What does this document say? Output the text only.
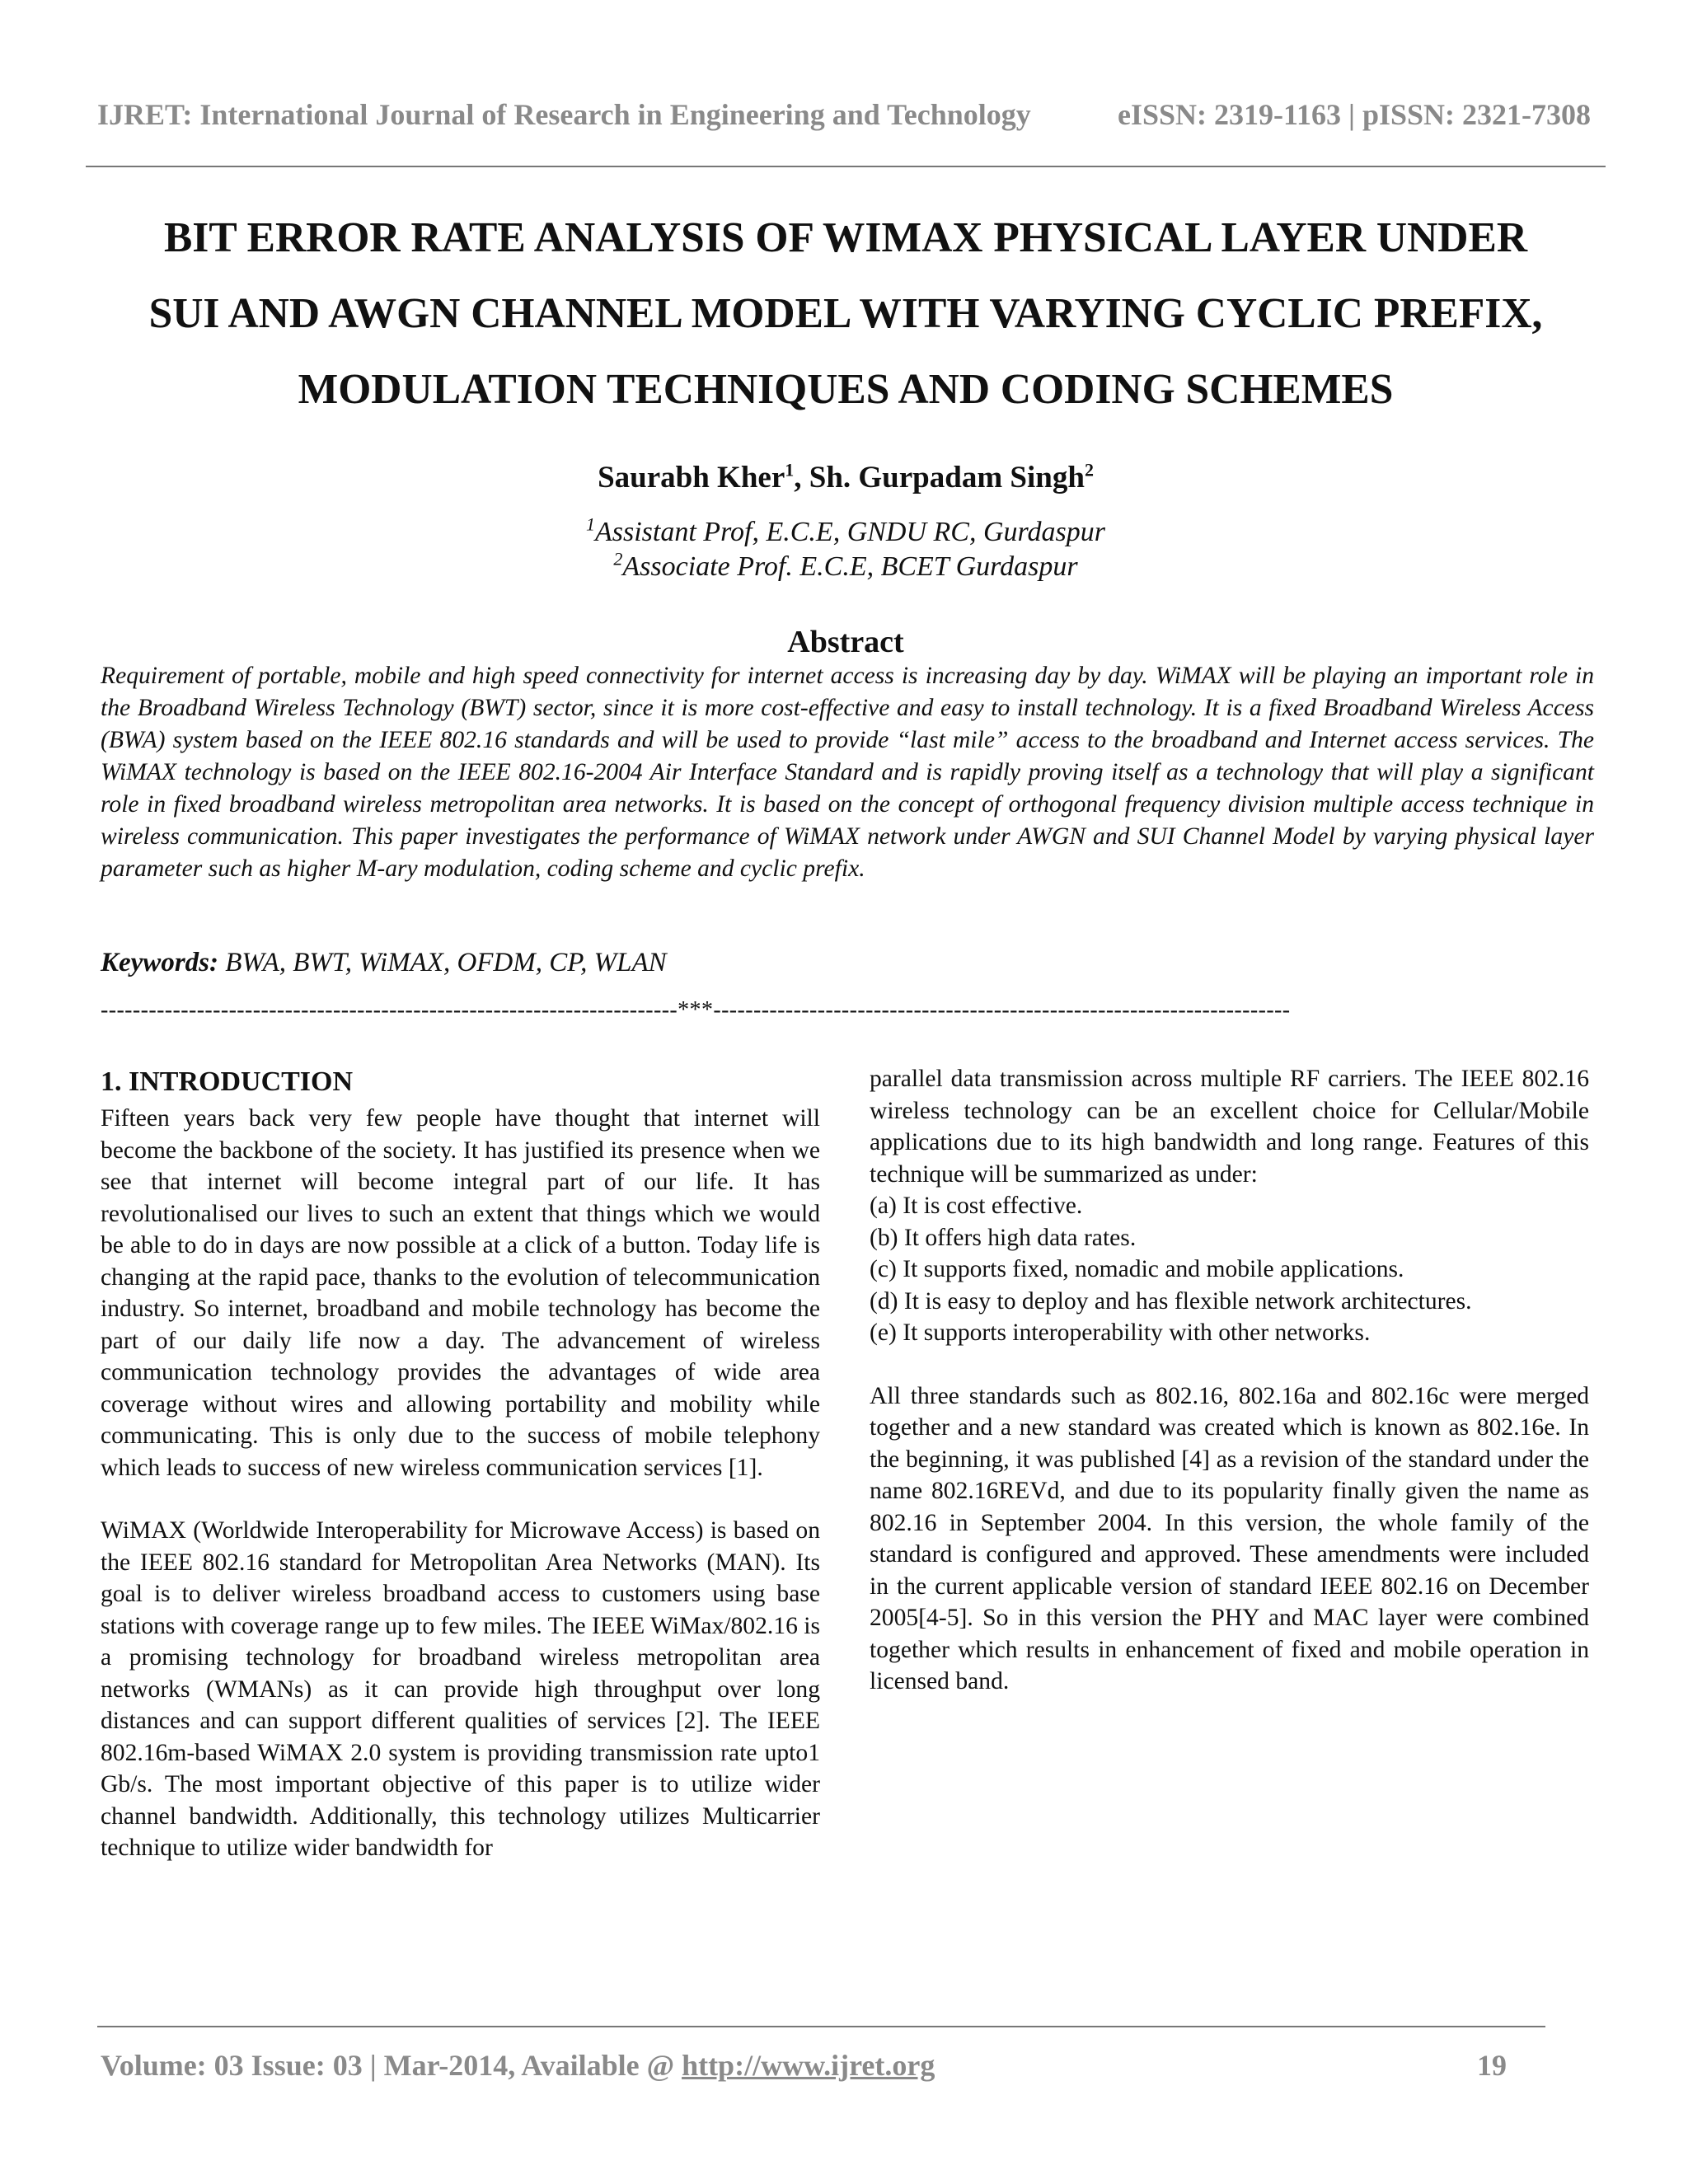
IJRET: International Journal of Research in Engineering and Technology	eISSN: 2319-1163 | pISSN: 2321-7308
BIT ERROR RATE ANALYSIS OF WIMAX PHYSICAL LAYER UNDER
SUI AND AWGN CHANNEL MODEL WITH VARYING CYCLIC PREFIX,
MODULATION TECHNIQUES AND CODING SCHEMES
Saurabh Kher$^1$, Sh. Gurpadam Singh$^2$
$^1$Assistant Prof, E.C.E, GNDU RC, Gurdaspur
$^2$Associate Prof. E.C.E, BCET Gurdaspur
Abstract
Requirement of portable, mobile and high speed connectivity for internet access is increasing day by day. WiMAX will be playing an important role in the Broadband Wireless Technology (BWT) sector, since it is more cost-effective and easy to install technology. It is a fixed Broadband Wireless Access (BWA) system based on the IEEE 802.16 standards and will be used to provide “last mile” access to the broadband and Internet access services. The WiMAX technology is based on the IEEE 802.16-2004 Air Interface Standard and is rapidly proving itself as a technology that will play a significant role in fixed broadband wireless metropolitan area networks. It is based on the concept of orthogonal frequency division multiple access technique in wireless communication. This paper investigates the performance of WiMAX network under AWGN and SUI Channel Model by varying physical layer parameter such as higher M-ary modulation, coding scheme and cyclic prefix.
Keywords: BWA, BWT, WiMAX, OFDM, CP, WLAN
------------------------------------------------------------------------***------------------------------------------------------------------------
1. INTRODUCTION

Fifteen years back very few people have thought that internet will become the backbone of the society. It has justified its presence when we see that internet will become integral part of our life. It has revolutionalised our lives to such an extent that things which we would be able to do in days are now possible at a click of a button. Today life is changing at the rapid pace, thanks to the evolution of telecommunication industry. So internet, broadband and mobile technology has become the part of our daily life now a day. The advancement of wireless communication technology provides the advantages of wide area coverage without wires and allowing portability and mobility while communicating. This is only due to the success of mobile telephony which leads to success of new wireless communication services [1].

WiMAX (Worldwide Interoperability for Microwave Access) is based on the IEEE 802.16 standard for Metropolitan Area Networks (MAN). Its goal is to deliver wireless broadband access to customers using base stations with coverage range up to few miles. The IEEE WiMax/802.16 is a promising technology for broadband wireless metropolitan area networks (WMANs) as it can provide high throughput over long distances and can support different qualities of services [2]. The IEEE 802.16m-based WiMAX 2.0 system is providing transmission rate upto1 Gb/s. The most important objective of this paper is to utilize wider channel bandwidth. Additionally, this technology utilizes Multicarrier technique to utilize wider bandwidth for

parallel data transmission across multiple RF carriers. The IEEE 802.16 wireless technology can be an excellent choice for Cellular/Mobile applications due to its high bandwidth and long range. Features of this technique will be summarized as under:

(a) It is cost effective.
(b) It offers high data rates.
(c) It supports fixed, nomadic and mobile applications.
(d) It is easy to deploy and has flexible network architectures.
(e) It supports interoperability with other networks.

All three standards such as 802.16, 802.16a and 802.16c were merged together and a new standard was created which is known as 802.16e. In the beginning, it was published [4] as a revision of the standard under the name 802.16REVd, and due to its popularity finally given the name as 802.16 in September 2004. In this version, the whole family of the standard is configured and approved. These amendments were included in the current applicable version of standard IEEE 802.16 on December 2005[4-5]. So in this version the PHY and MAC layer were combined together which results in enhancement of fixed and mobile operation in licensed band.

Volume: 03 Issue: 03 | Mar-2014, Available @ http://www.ijret.org	19
